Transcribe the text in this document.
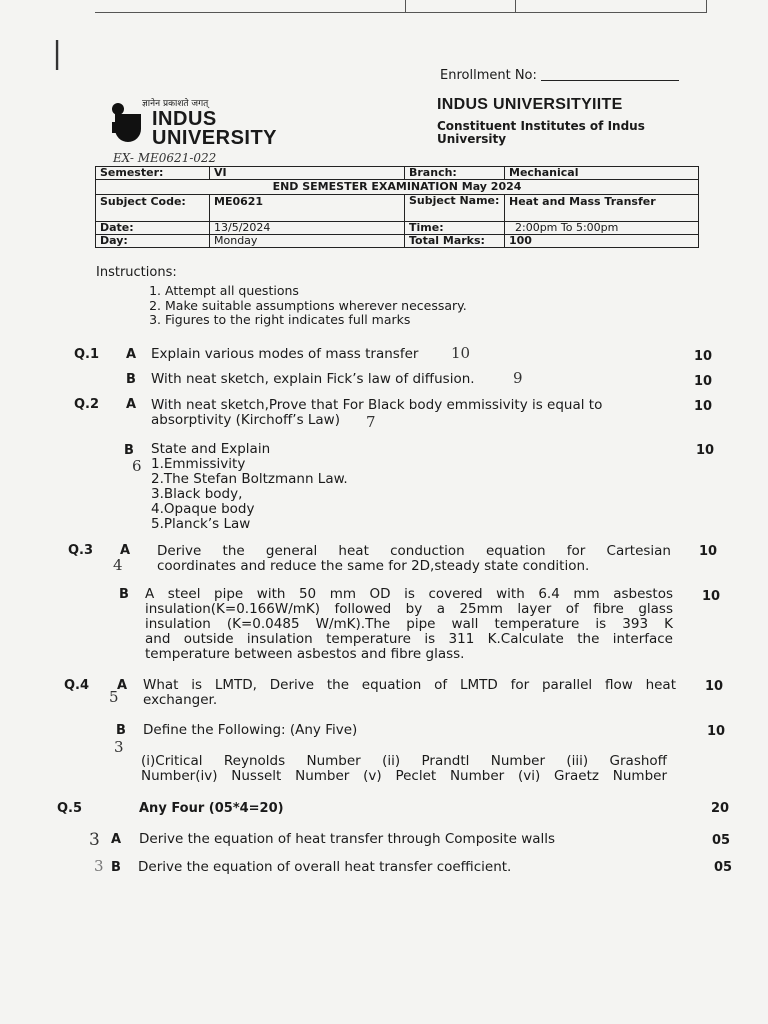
|
Enrollment No:
ज्ञानेन प्रकाशते जगत्
INDUS
UNIVERSITY
INDUS UNIVERSITYIITE
Constituent Institutes of Indus University
EX- ME0621-022
Semester:	VI	Branch:	Mechanical
END SEMESTER EXAMINATION May 2024			
Subject Code:	ME0621	Subject Name:	Heat and Mass Transfer
Date:	13/5/2024	Time:	2:00pm To 5:00pm
Day:	Monday	Total Marks:	100
Instructions:
1. Attempt all questions
2. Make suitable assumptions wherever necessary.
3. Figures to the right indicates full marks
Q.1 A Explain various modes of mass transfer 10	10
B With neat sketch, explain Fick’s law of diffusion.	9	10
Q.2 A With neat sketch,Prove that For Black body emmissivity is equal to
absorptivity (Kirchoff’s Law)	7
10
B State and Explain
1.Emmissivity
2.The Stefan Boltzmann Law.
3.Black body,
4.Opaque body
5.Planck’s Law
6
10
Q.3 A Derive the general heat conduction equation for Cartesian
coordinates and reduce the same for 2D,steady state condition.
4
10
B A steel pipe with 50 mm OD is covered with 6.4 mm asbestos
insulation(K=0.166W/mK) followed by a 25mm layer of fibre glass
insulation (K=0.0485 W/mK).The pipe wall temperature is 393 K
and outside insulation temperature is 311 K.Calculate the interface
temperature between asbestos and fibre glass.
10
Q.4 A What is LMTD, Derive the equation of LMTD for parallel flow heat
exchanger.
5
10
B Define the Following: (Any Five)
3
(i)Critical Reynolds Number (ii) Prandtl Number (iii) Grashoff
Number(iv) Nusselt Number (v) Peclet Number (vi) Graetz Number
10
Q.5	Any Four (05*4=20)	20
3 A Derive the equation of heat transfer through Composite walls	05
3 B Derive the equation of overall heat transfer coefficient.	05
